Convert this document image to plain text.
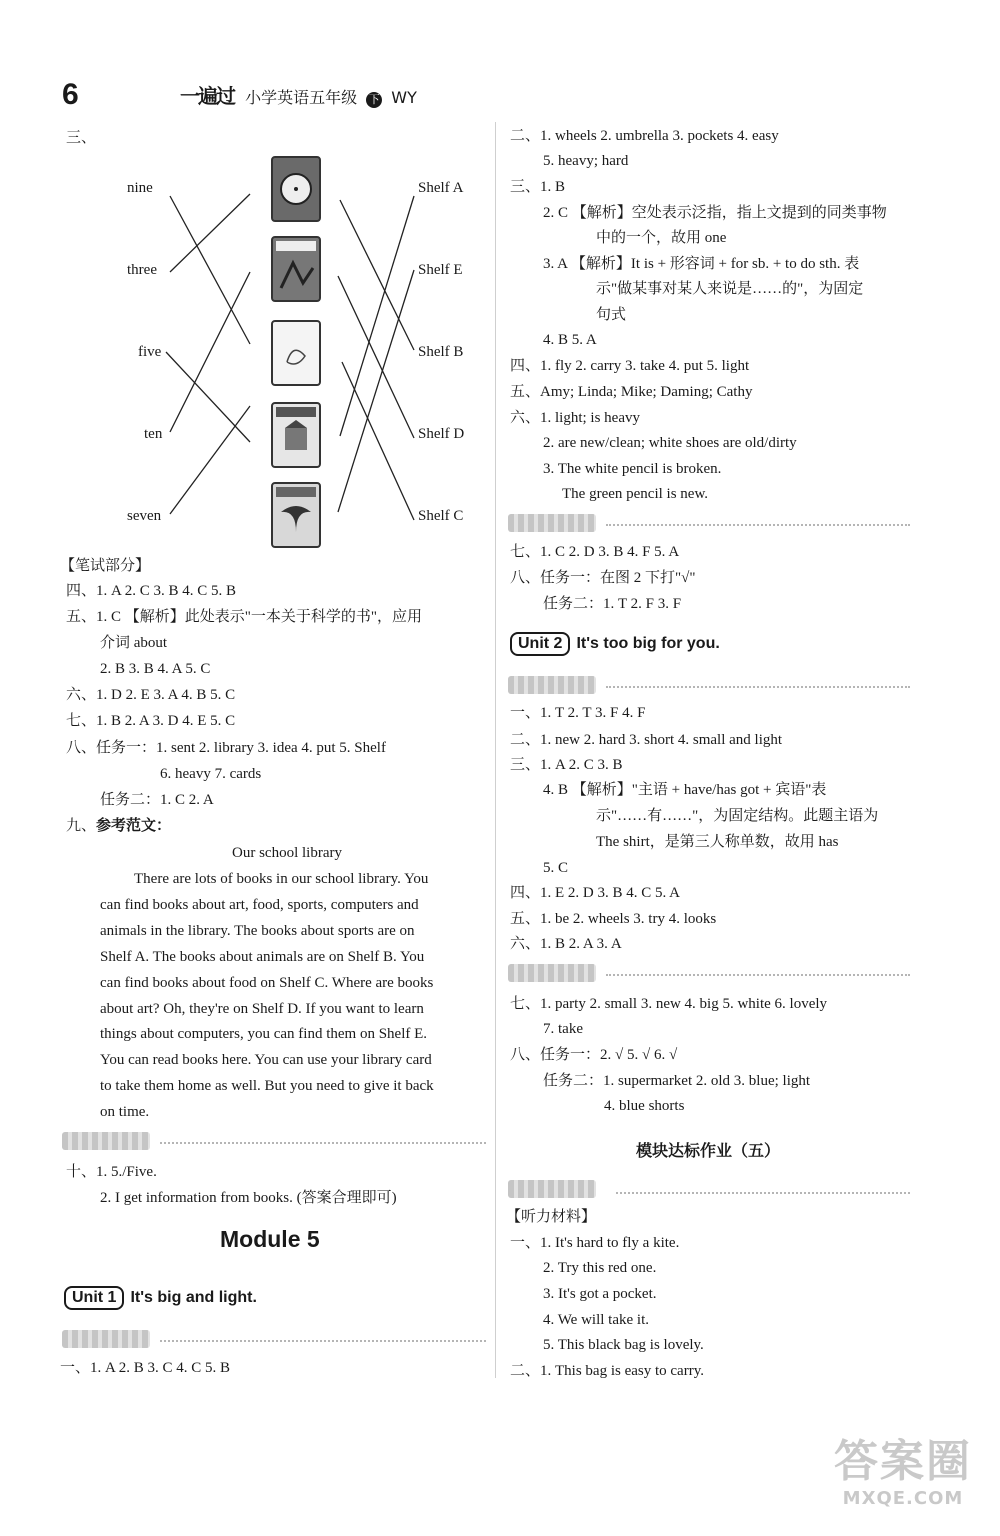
6	一遍过 小学英语五年级 下 WY
三、
nine
three
five
ten
seven
Shelf A
Shelf E
Shelf B
Shelf D
Shelf C
【笔试部分】
四、1. A 2. C 3. B 4. C 5. B
五、1. C 【解析】此处表示"一本关于科学的书"，应用
介词 about
2. B 3. B 4. A 5. C
六、1. D 2. E 3. A 4. B 5. C
七、1. B 2. A 3. D 4. E 5. C
八、任务一：1. sent 2. library 3. idea 4. put 5. Shelf
6. heavy 7. cards
任务二：1. C 2. A
九、参考范文：
Our school library
There are lots of books in our school library. You
can find books about art, food, sports, computers and
animals in the library. The books about sports are on
Shelf A. The books about animals are on Shelf B. You
can find books about food on Shelf C. Where are books
about art? Oh, they're on Shelf D. If you want to learn
things about computers, you can find them on Shelf E.
You can read books here. You can use your library card
to take them home as well. But you need to give it back
on time.
十、1. 5./Five.
2. I get information from books. (答案合理即可)
Module 5
Unit 1 It's big and light.
一、1. A 2. B 3. C 4. C 5. B
二、1. wheels 2. umbrella 3. pockets 4. easy
5. heavy; hard
三、1. B
2. C 【解析】空处表示泛指，指上文提到的同类事物
中的一个，故用 one
3. A 【解析】It is + 形容词 + for sb. + to do sth. 表
示"做某事对某人来说是……的"，为固定
句式
4. B 5. A
四、1. fly 2. carry 3. take 4. put 5. light
五、Amy; Linda; Mike; Daming; Cathy
六、1. light; is heavy
2. are new/clean; white shoes are old/dirty
3. The white pencil is broken.
The green pencil is new.
七、1. C 2. D 3. B 4. F 5. A
八、任务一：在图 2 下打"√"
任务二：1. T 2. F 3. F
Unit 2 It's too big for you.
一、1. T 2. T 3. F 4. F
二、1. new 2. hard 3. short 4. small and light
三、1. A 2. C 3. B
4. B 【解析】"主语 + have/has got + 宾语"表
示"……有……"，为固定结构。此题主语为
The shirt，是第三人称单数，故用 has
5. C
四、1. E 2. D 3. B 4. C 5. A
五、1. be 2. wheels 3. try 4. looks
六、1. B 2. A 3. A
七、1. party 2. small 3. new 4. big 5. white 6. lovely
7. take
八、任务一：2. √ 5. √ 6. √
任务二：1. supermarket 2. old 3. blue; light
4. blue shorts
模块达标作业（五）
【听力材料】
一、1. It's hard to fly a kite.
2. Try this red one.
3. It's got a pocket.
4. We will take it.
5. This black bag is lovely.
二、1. This bag is easy to carry.
答案圈
MXQE.COM
